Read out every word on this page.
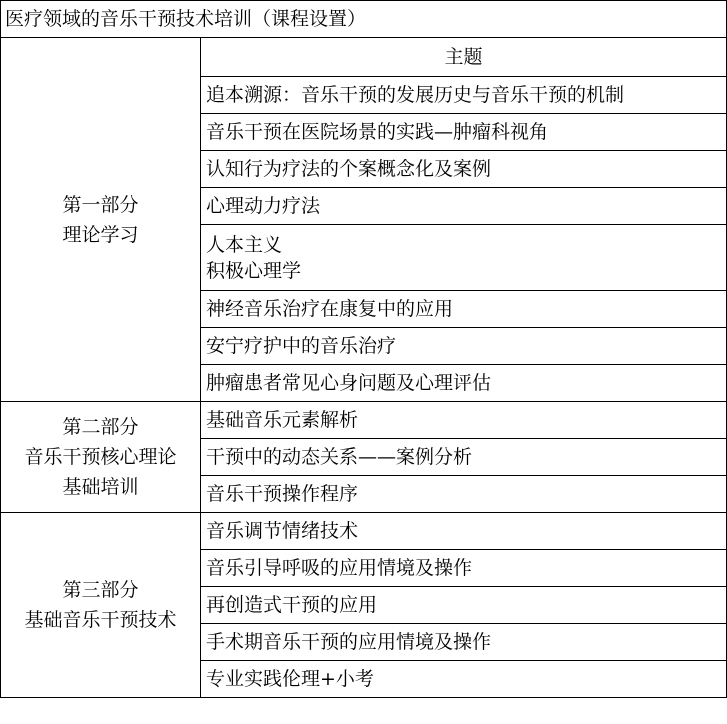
医疗领域的音乐干预技术培训（课程设置）	

第一部分
理论学习	主题
	追本溯源：音乐干预的发展历史与音乐干预的机制
	音乐干预在医院场景的实践—肿瘤科视角
	认知行为疗法的个案概念化及案例
	心理动力疗法

	人本主义
积极心理学

	神经音乐治疗在康复中的应用
	安宁疗护中的音乐治疗
	肿瘤患者常见心身问题及心理评估

第二部分
音乐干预核心理论
基础培训	基础音乐元素解析
	干预中的动态关系——案例分析
	音乐干预操作程序

第三部分
基础音乐干预技术	音乐调节情绪技术
	音乐引导呼吸的应用情境及操作
	再创造式干预的应用
	手术期音乐干预的应用情境及操作
	专业实践伦理+小考
